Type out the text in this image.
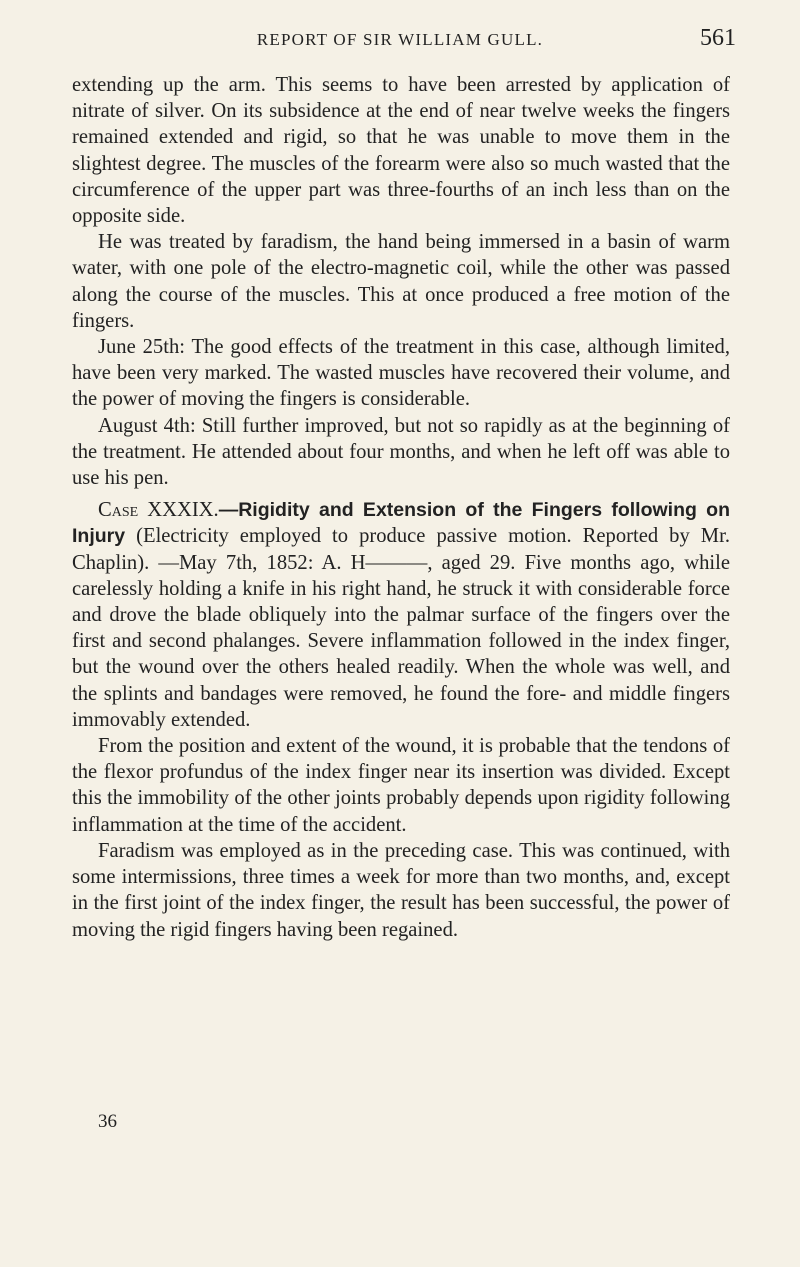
REPORT OF SIR WILLIAM GULL.	561

extending up the arm. This seems to have been arrested by application of nitrate of silver. On its subsidence at the end of near twelve weeks the fingers remained extended and rigid, so that he was unable to move them in the slightest degree. The muscles of the forearm were also so much wasted that the circumference of the upper part was three-fourths of an inch less than on the opposite side.

He was treated by faradism, the hand being immersed in a basin of warm water, with one pole of the electro-magnetic coil, while the other was passed along the course of the muscles. This at once produced a free motion of the fingers.

June 25th: The good effects of the treatment in this case, although limited, have been very marked. The wasted muscles have recovered their volume, and the power of moving the fingers is considerable.

August 4th: Still further improved, but not so rapidly as at the beginning of the treatment. He attended about four months, and when he left off was able to use his pen.

Case XXXIX.—Rigidity and Extension of the Fingers following on Injury (Electricity employed to produce passive motion. Reported by Mr. Chaplin). —May 7th, 1852: A. H———, aged 29. Five months ago, while carelessly holding a knife in his right hand, he struck it with considerable force and drove the blade obliquely into the palmar surface of the fingers over the first and second phalanges. Severe inflammation followed in the index finger, but the wound over the others healed readily. When the whole was well, and the splints and bandages were removed, he found the fore- and middle fingers immovably extended.

From the position and extent of the wound, it is probable that the tendons of the flexor profundus of the index finger near its insertion was divided. Except this the immobility of the other joints probably depends upon rigidity following inflammation at the time of the accident.

Faradism was employed as in the preceding case. This was continued, with some intermissions, three times a week for more than two months, and, except in the first joint of the index finger, the result has been successful, the power of moving the rigid fingers having been regained.

36
